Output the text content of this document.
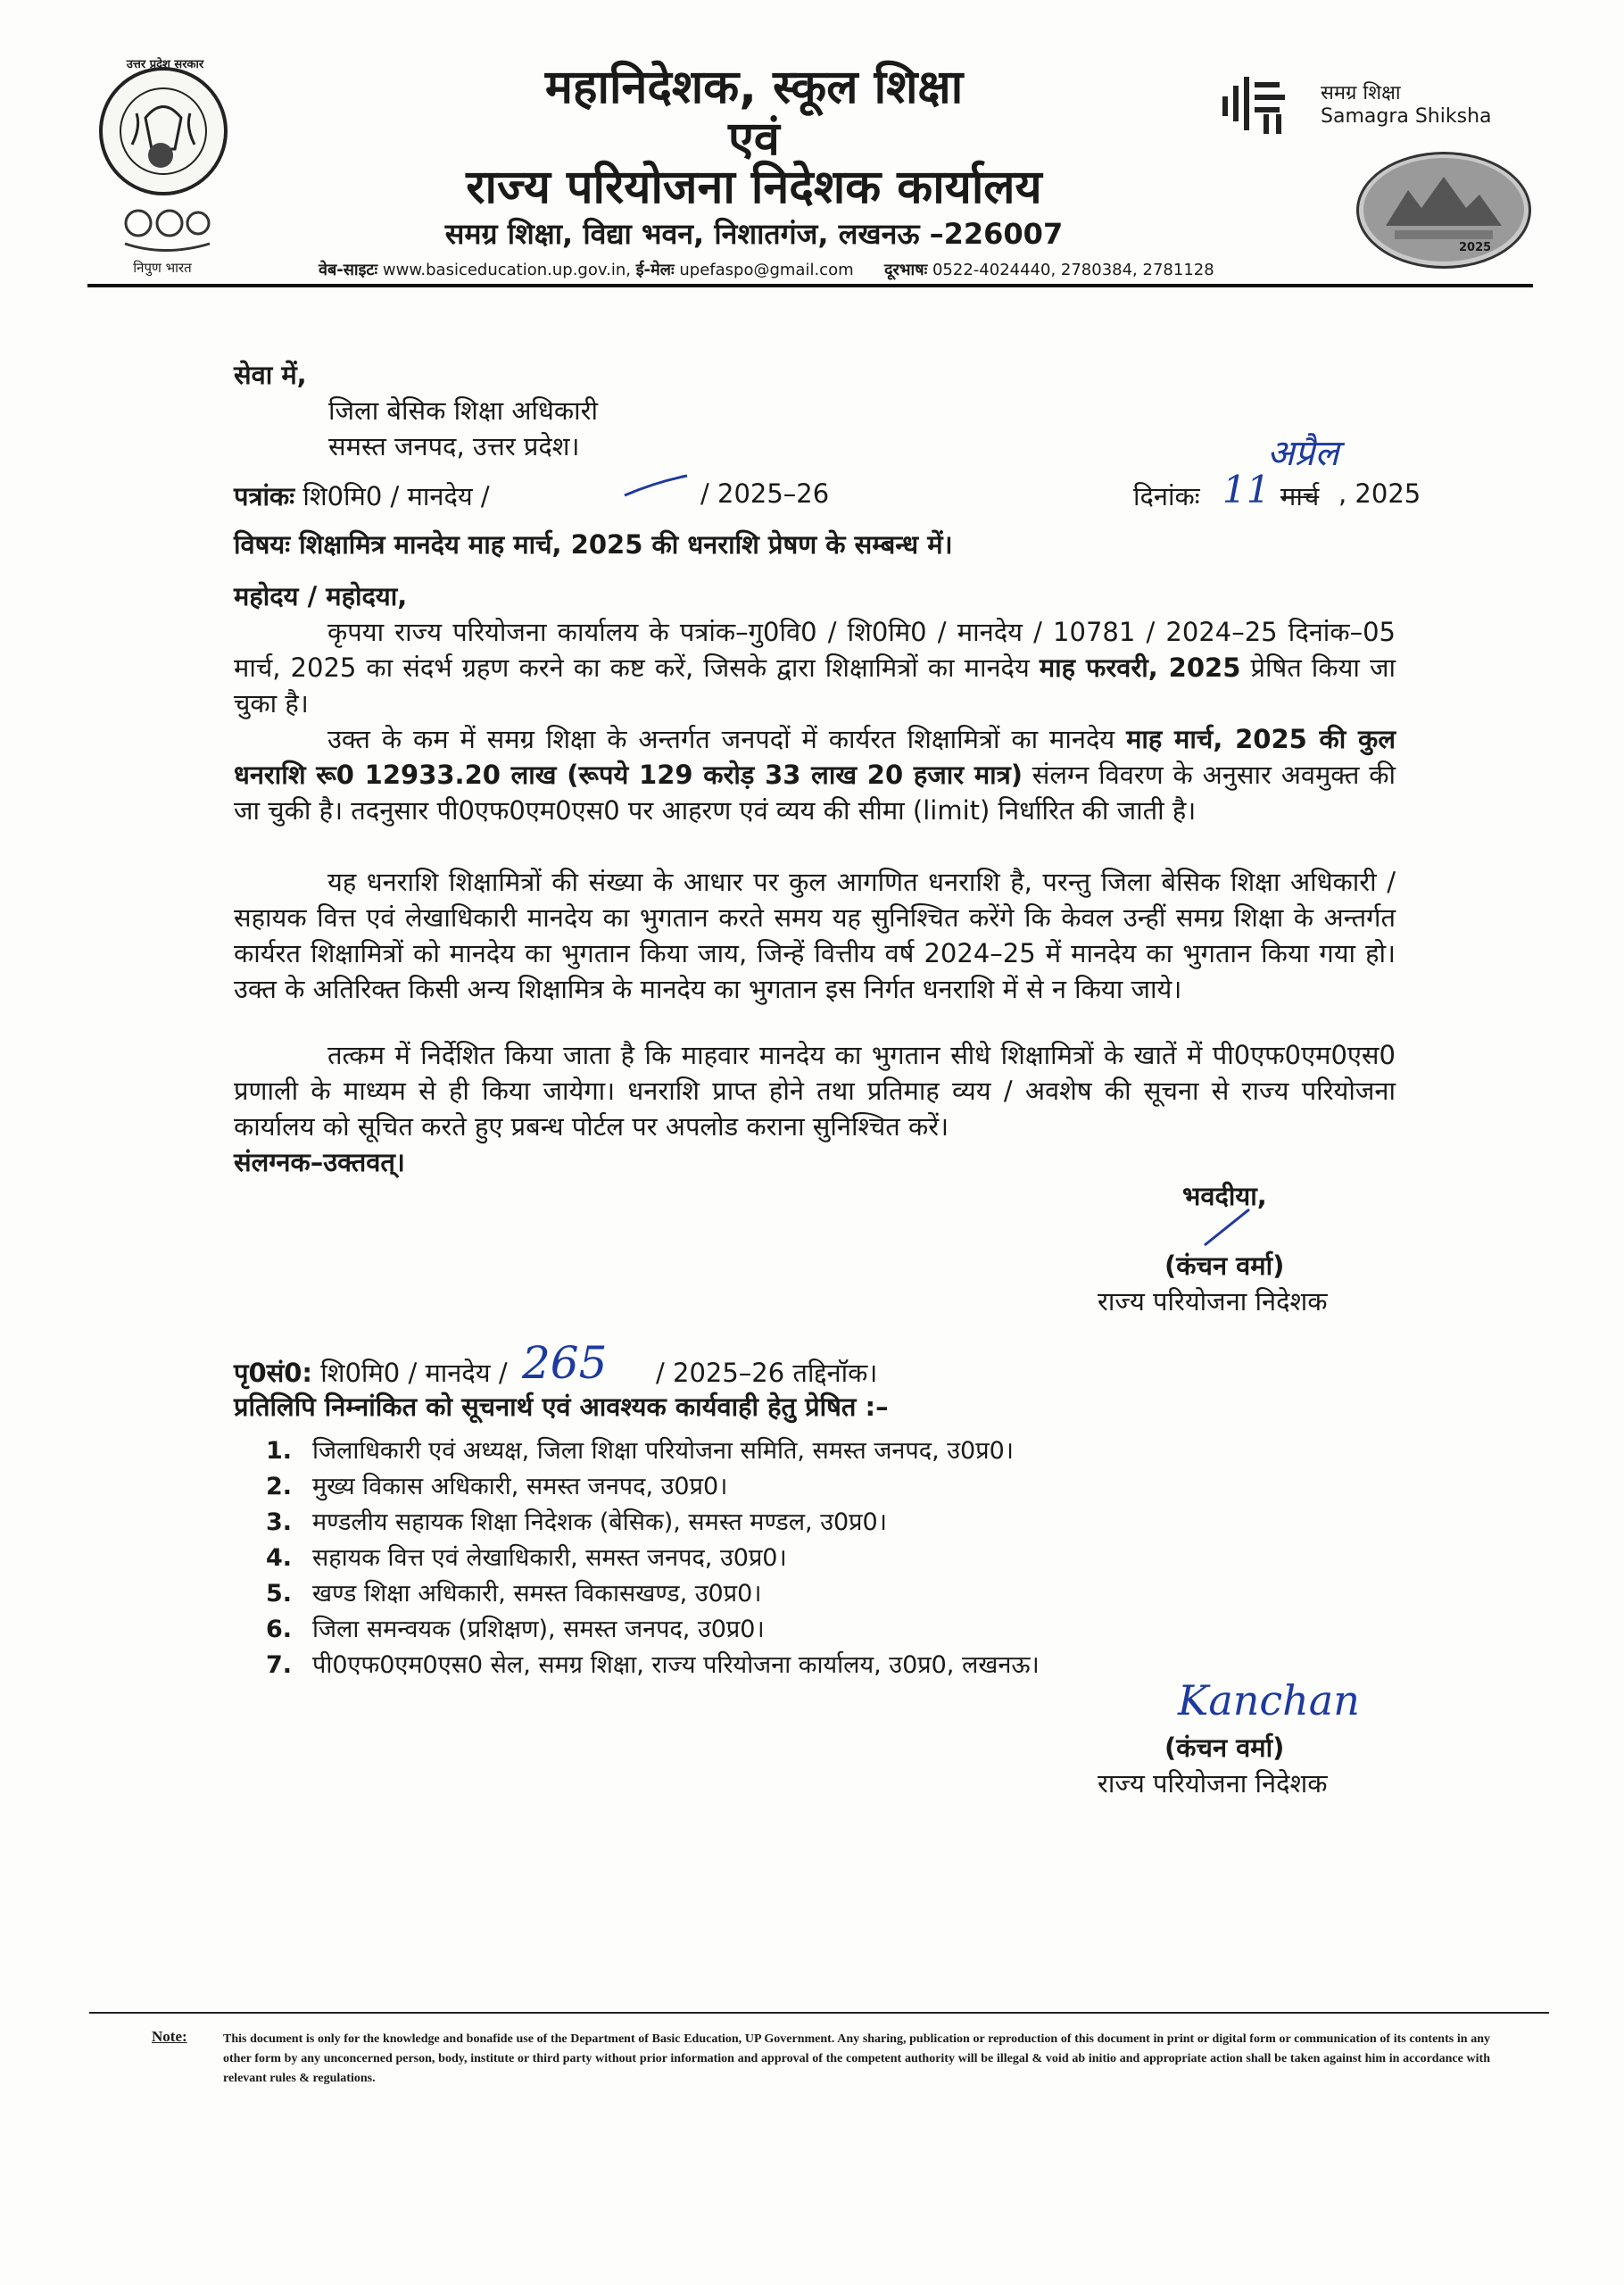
उत्तर प्रदेश सरकार
निपुण भारत
महानिदेशक, स्कूल शिक्षा
एवं
राज्य परियोजना निदेशक कार्यालय
समग्र शिक्षा, विद्या भवन, निशातगंज, लखनऊ –226007
वेब-साइटः www.basiceducation.up.gov.in, ई-मेलः upefaspo@gmail.com दूरभाषः 0522-4024440, 2780384, 2781128
समग्र शिक्षा
Samagra Shiksha
2025
सेवा में,
जिला बेसिक शिक्षा अधिकारी
समस्त जनपद, उत्तर प्रदेश।
पत्रांकः शि0मि0 / मानदेय /	/ 2025–26	दिनांकः 11
अप्रैल
मार्च , 2025
विषयः शिक्षामित्र मानदेय माह मार्च, 2025 की धनराशि प्रेषण के सम्बन्ध में।
महोदय / महोदया,
कृपया राज्य परियोजना कार्यालय के पत्रांक–गु0वि0 / शि0मि0 / मानदेय / 10781 / 2024–25 दिनांक–05 मार्च, 2025 का संदर्भ ग्रहण करने का कष्ट करें, जिसके द्वारा शिक्षामित्रों का मानदेय माह फरवरी, 2025 प्रेषित किया जा चुका है।
उक्त के कम में समग्र शिक्षा के अन्तर्गत जनपदों में कार्यरत शिक्षामित्रों का मानदेय माह मार्च, 2025 की कुल धनराशि रू0 12933.20 लाख (रूपये 129 करोड़ 33 लाख 20 हजार मात्र) संलग्न विवरण के अनुसार अवमुक्त की जा चुकी है। तदनुसार पी0एफ0एम0एस0 पर आहरण एवं व्यय की सीमा (limit) निर्धारित की जाती है।
यह धनराशि शिक्षामित्रों की संख्या के आधार पर कुल आगणित धनराशि है, परन्तु जिला बेसिक शिक्षा अधिकारी / सहायक वित्त एवं लेखाधिकारी मानदेय का भुगतान करते समय यह सुनिश्चित करेंगे कि केवल उन्हीं समग्र शिक्षा के अन्तर्गत कार्यरत शिक्षामित्रों को मानदेय का भुगतान किया जाय, जिन्हें वित्तीय वर्ष 2024–25 में मानदेय का भुगतान किया गया हो। उक्त के अतिरिक्त किसी अन्य शिक्षामित्र के मानदेय का भुगतान इस निर्गत धनराशि में से न किया जाये।
तत्कम में निर्देशित किया जाता है कि माहवार मानदेय का भुगतान सीधे शिक्षामित्रों के खातें में पी0एफ0एम0एस0 प्रणाली के माध्यम से ही किया जायेगा। धनराशि प्राप्त होने तथा प्रतिमाह व्यय / अवशेष की सूचना से राज्य परियोजना कार्यालय को सूचित करते हुए प्रबन्ध पोर्टल पर अपलोड कराना सुनिश्चित करें।
संलग्नक–उक्तवत्।
भवदीया,
(कंचन वर्मा)
राज्य परियोजना निदेशक
पृ0सं0: शि0मि0 / मानदेय / 265 / 2025–26 तद्दिनॉक।
प्रतिलिपि निम्नांकित को सूचनार्थ एवं आवश्यक कार्यवाही हेतु प्रेषित :–
1. जिलाधिकारी एवं अध्यक्ष, जिला शिक्षा परियोजना समिति, समस्त जनपद, उ0प्र0।
2. मुख्य विकास अधिकारी, समस्त जनपद, उ0प्र0।
3. मण्डलीय सहायक शिक्षा निदेशक (बेसिक), समस्त मण्डल, उ0प्र0।
4. सहायक वित्त एवं लेखाधिकारी, समस्त जनपद, उ0प्र0।
5. खण्ड शिक्षा अधिकारी, समस्त विकासखण्ड, उ0प्र0।
6. जिला समन्वयक (प्रशिक्षण), समस्त जनपद, उ0प्र0।
7. पी0एफ0एम0एस0 सेल, समग्र शिक्षा, राज्य परियोजना कार्यालय, उ0प्र0, लखनऊ।
Kanchan
(कंचन वर्मा)
राज्य परियोजना निदेशक
Note:	This document is only for the knowledge and bonafide use of the Department of Basic Education, UP Government. Any sharing, publication or reproduction of this document in print or digital form or communication of its contents in any other form by any unconcerned person, body, institute or third party without prior information and approval of the competent authority will be illegal & void ab initio and appropriate action shall be taken against him in accordance with relevant rules & regulations.
